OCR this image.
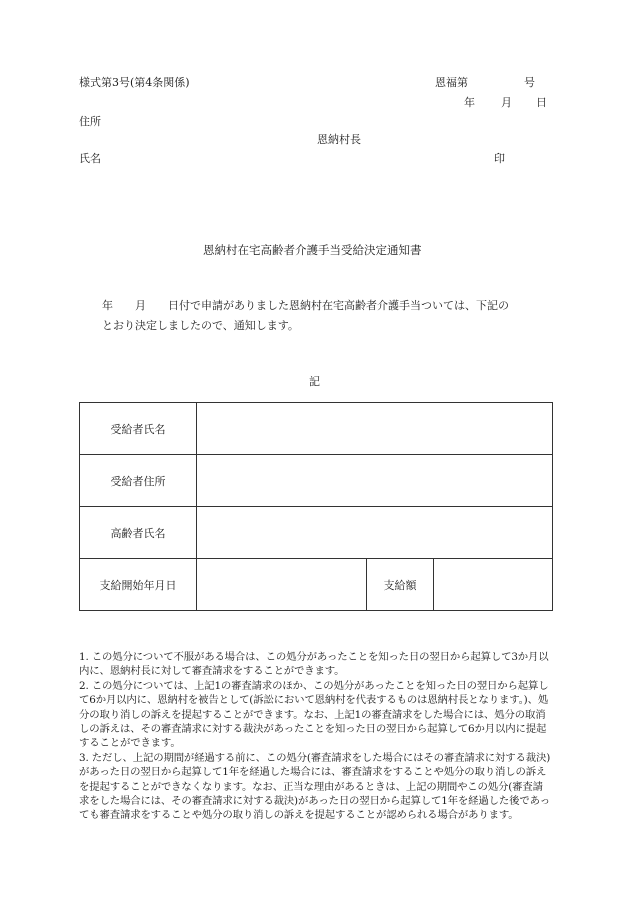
様式第3号(第4条関係)	恩福第	号
年 月 日
住所
恩納村長
氏名	印
恩納村在宅高齢者介護手当受給決定通知書
年　　月　　日付で申請がありました恩納村在宅高齢者介護手当ついては、下記の
とおり決定しましたので、通知します。
記
受給者氏名			
受給者住所			
高齢者氏名			
支給開始年月日		支給額	

1. この処分について不服がある場合は、この処分があったことを知った日の翌日から起算して3か月以内に、恩納村長に対して審査請求をすることができます。

2. この処分については、上記1の審査請求のほか、この処分があったことを知った日の翌日から起算して6か月以内に、恩納村を被告として(訴訟において恩納村を代表するものは恩納村長となります。)、処分の取り消しの訴えを提起することができます。なお、上記1の審査請求をした場合には、処分の取消しの訴えは、その審査請求に対する裁決があったことを知った日の翌日から起算して6か月以内に提起することができます。

3. ただし、上記の期間が経過する前に、この処分(審査請求をした場合にはその審査請求に対する裁決)があった日の翌日から起算して1年を経過した場合には、審査請求をすることや処分の取り消しの訴えを提起することができなくなります。なお、正当な理由があるときは、上記の期間やこの処分(審査請求をした場合には、その審査請求に対する裁決)があった日の翌日から起算して1年を経過した後であっても審査請求をすることや処分の取り消しの訴えを提起することが認められる場合があります。
